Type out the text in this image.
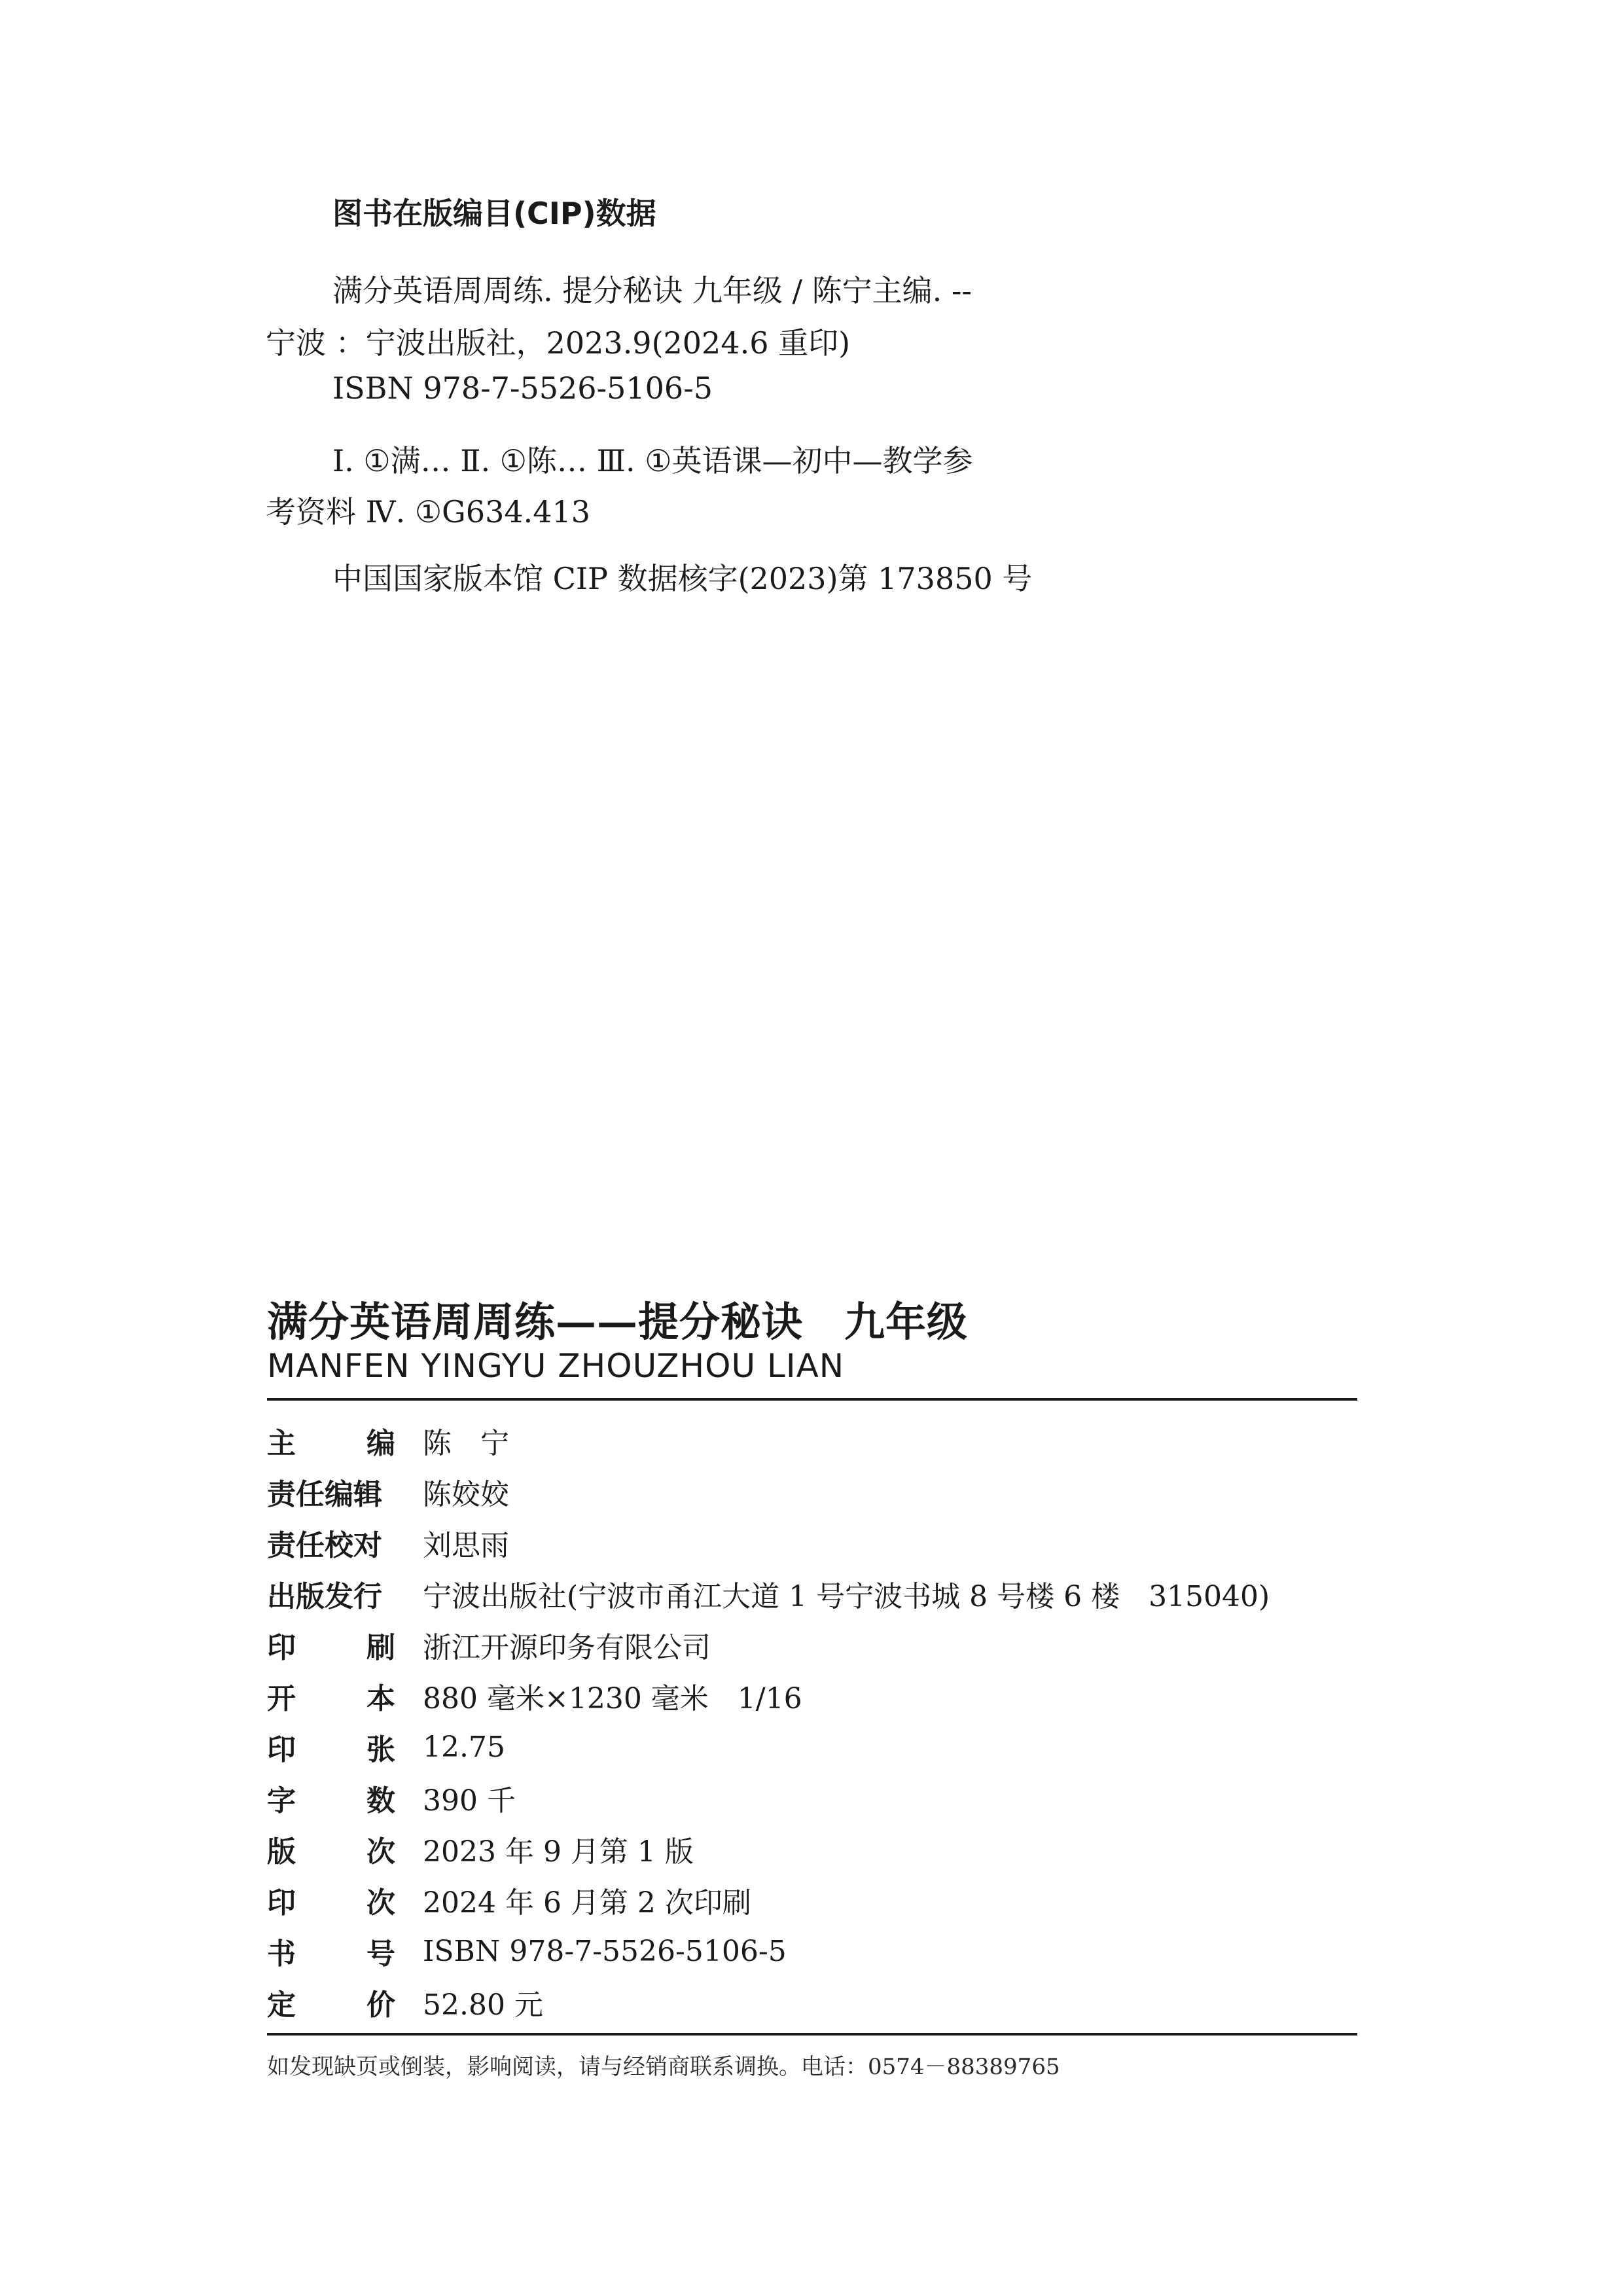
图书在版编目(CIP)数据
满分英语周周练. 提分秘诀 九年级 / 陈宁主编. --
宁波 ：宁波出版社，2023.9(2024.6 重印)
ISBN 978-7-5526-5106-5
Ⅰ. ①满… Ⅱ. ①陈… Ⅲ. ①英语课—初中—教学参
考资料 Ⅳ. ①G634.413
中国国家版本馆 CIP 数据核字(2023)第 173850 号
满分英语周周练——提分秘诀　九年级
MANFEN YINGYU ZHOUZHOU LIAN
主 编 陈　宁
责任编辑 陈姣姣
责任校对 刘思雨
出版发行 宁波出版社(宁波市甬江大道 1 号宁波书城 8 号楼 6 楼　315040)
印 刷 浙江开源印务有限公司
开 本 880 毫米×1230 毫米　1/16
印 张 12.75
字 数 390 千
版 次 2023 年 9 月第 1 版
印 次 2024 年 6 月第 2 次印刷
书 号 ISBN 978-7-5526-5106-5
定 价 52.80 元
如发现缺页或倒装，影响阅读，请与经销商联系调换。电话：0574－88389765
